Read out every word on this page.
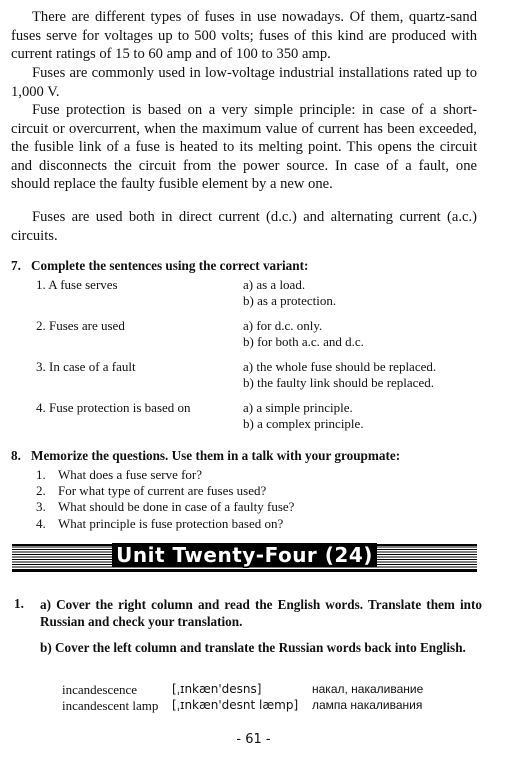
There are different types of fuses in use nowadays. Of them, quartz-sand fuses serve for voltages up to 500 volts; fuses of this kind are produced with current ratings of 15 to 60 amp and of 100 to 350 amp.

Fuses are commonly used in low-voltage industrial installations rated up to 1,000 V.

Fuse protection is based on a very simple principle: in case of a short-circuit or overcurrent, when the maximum value of current has been exceeded, the fusible link of a fuse is heated to its melting point. This opens the circuit and disconnects the circuit from the power source. In case of a fault, one should replace the faulty fusible element by a new one.

Fuses are used both in direct current (d.c.) and alternating current (a.c.) circuits.

7. Complete the sentences using the correct variant:
1. A fuse serves	a) as a load.
b) as a protection.
2. Fuses are used	a) for d.c. only.
b) for both a.c. and d.c.
3. In case of a fault	a) the whole fuse should be replaced.
b) the faulty link should be replaced.
4. Fuse protection is based on	a) a simple principle.
b) a complex principle.
8. Memorize the questions. Use them in a talk with your groupmate:
1. What does a fuse serve for?
2. For what type of current are fuses used?
3. What should be done in case of a faulty fuse?
4. What principle is fuse protection based on?
Unit Twenty-Four (24)
1. a) Cover the right column and read the English words. Translate them into Russian and check your translation.

b) Cover the left column and translate the Russian words back into English.

incandescence	[ˌɪnkæn'desns]	накал, накаливание
incandescent lamp [ˌɪnkæn'desnt læmp] лампа накаливания
- 61 -
